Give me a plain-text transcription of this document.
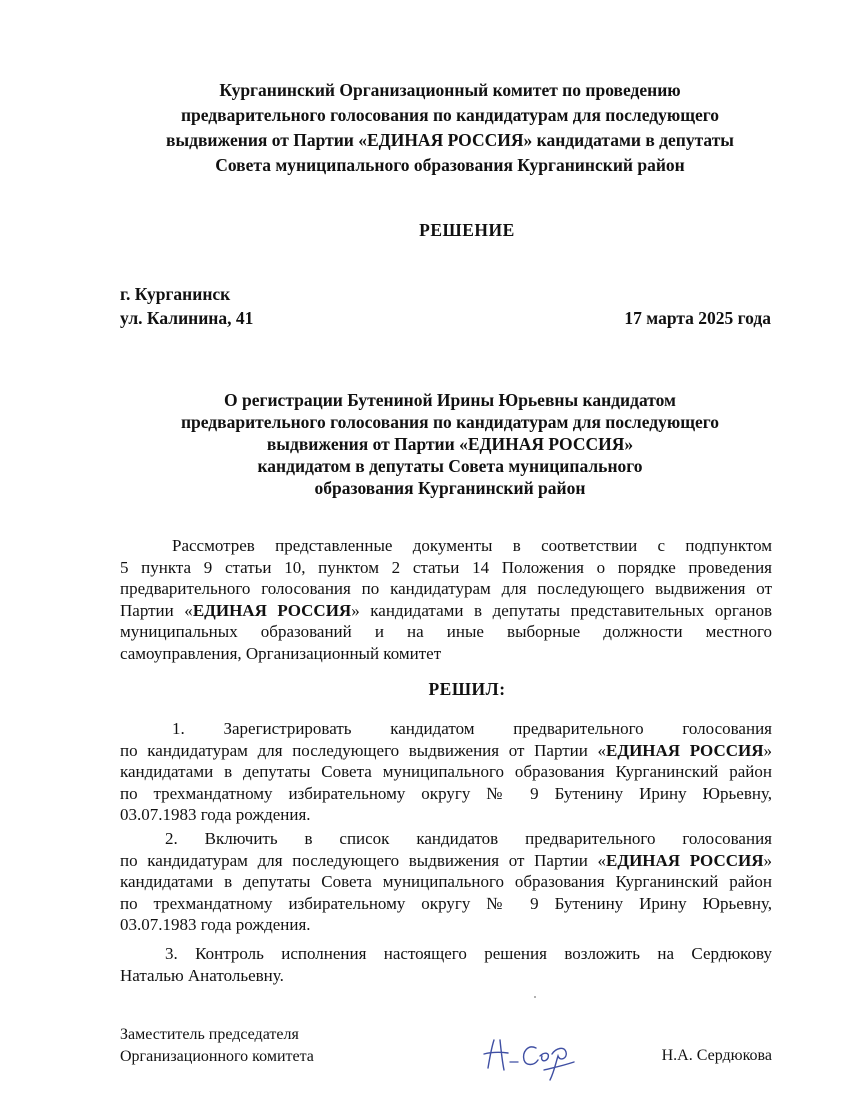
Курганинский Организационный комитет по проведению
предварительного голосования по кандидатурам для последующего
выдвижения от Партии «ЕДИНАЯ РОССИЯ» кандидатами в депутаты
Совета муниципального образования Курганинский район
РЕШЕНИЕ
г. Курганинск
ул. Калинина, 41	17 марта 2025 года
О регистрации Бутениной Ирины Юрьевны кандидатом
предварительного голосования по кандидатурам для последующего
выдвижения от Партии «ЕДИНАЯ РОССИЯ»
кандидатом в депутаты Совета муниципального
образования Курганинский район
Рассмотрев представленные документы в соответствии с подпунктом
5 пункта 9 статьи 10, пунктом 2 статьи 14 Положения о порядке проведения
предварительного голосования по кандидатурам для последующего выдвижения от
Партии «ЕДИНАЯ РОССИЯ» кандидатами в депутаты представительных органов
муниципальных образований и на иные выборные должности местного
самоуправления, Организационный комитет
РЕШИЛ:
1. Зарегистрировать кандидатом предварительного голосования
по кандидатурам для последующего выдвижения от Партии «ЕДИНАЯ РОССИЯ»
кандидатами в депутаты Совета муниципального образования Курганинский район
по трехмандатному избирательному округу № 9 Бутенину Ирину Юрьевну,
03.07.1983 года рождения.
2. Включить в список кандидатов предварительного голосования
по кандидатурам для последующего выдвижения от Партии «ЕДИНАЯ РОССИЯ»
кандидатами в депутаты Совета муниципального образования Курганинский район
по трехмандатному избирательному округу № 9 Бутенину Ирину Юрьевну,
03.07.1983 года рождения.
3. Контроль исполнения настоящего решения возложить на Сердюкову
Наталью Анатольевну.
Заместитель председателя
Организационного комитета	Н.А. Сердюкова
